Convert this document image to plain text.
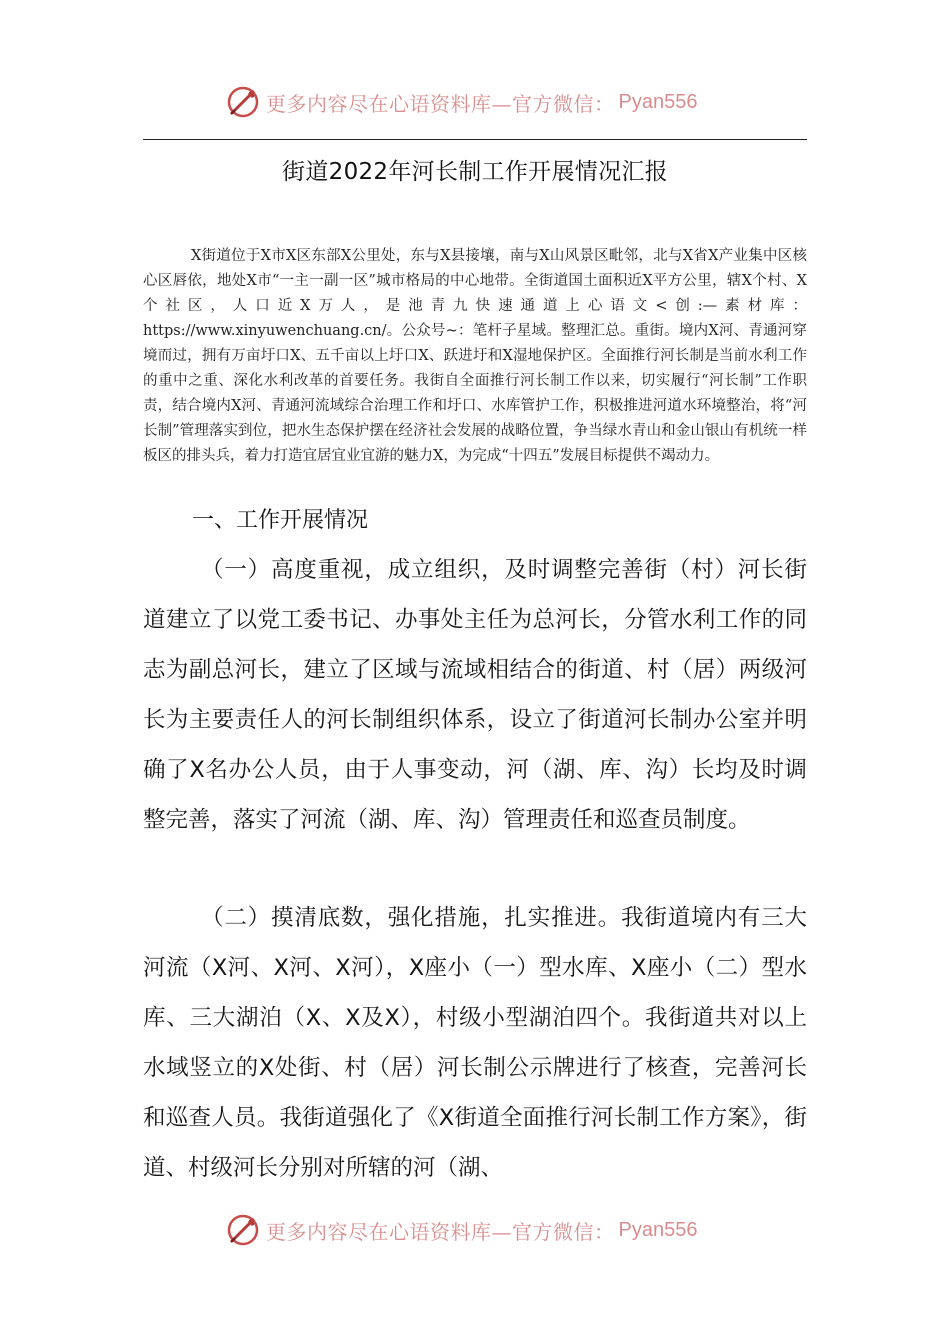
更多内容尽在心语资料库—官方微信： Pyan556
街道2022年河长制工作开展情况汇报

X街道位于X市X区东部X公里处，东与X县接壤，南与X山风景区毗邻，北与X省X产业集中区核心区唇依，地处X市“一主一副一区”城市格局的中心地带。全街道国土面积近X平方公里，辖X个村、X个社区，人口近X万人，是池青九快速通道上心语文<创:—素材库：https://www.xinyuwenchuang.cn/。公众号~：笔杆子星域。整理汇总。重街。境内X河、青通河穿境而过，拥有万亩圩口X、五千亩以上圩口X、跃进圩和X湿地保护区。全面推行河长制是当前水利工作的重中之重、深化水利改革的首要任务。我街自全面推行河长制工作以来，切实履行“河长制”工作职责，结合境内X河、青通河流域综合治理工作和圩口、水库管护工作，积极推进河道水环境整治，将“河长制”管理落实到位，把水生态保护摆在经济社会发展的战略位置，争当绿水青山和金山银山有机统一样板区的排头兵，着力打造宜居宜业宜游的魅力X，为完成“十四五”发展目标提供不竭动力。

一、工作开展情况

（一）高度重视，成立组织，及时调整完善街（村）河长街道建立了以党工委书记、办事处主任为总河长，分管水利工作的同志为副总河长，建立了区域与流域相结合的街道、村（居）两级河长为主要责任人的河长制组织体系，设立了街道河长制办公室并明确了X名办公人员，由于人事变动，河（湖、库、沟）长均及时调整完善，落实了河流（湖、库、沟）管理责任和巡查员制度。

（二）摸清底数，强化措施，扎实推进。我街道境内有三大河流（X河、X河、X河），X座小（一）型水库、X座小（二）型水库、三大湖泊（X、X及X），村级小型湖泊四个。我街道共对以上水域竖立的X处街、村（居）河长制公示牌进行了核查，完善河长和巡查人员。我街道强化了《X街道全面推行河长制工作方案》，街道、村级河长分别对所辖的河（湖、

更多内容尽在心语资料库—官方微信： Pyan556
